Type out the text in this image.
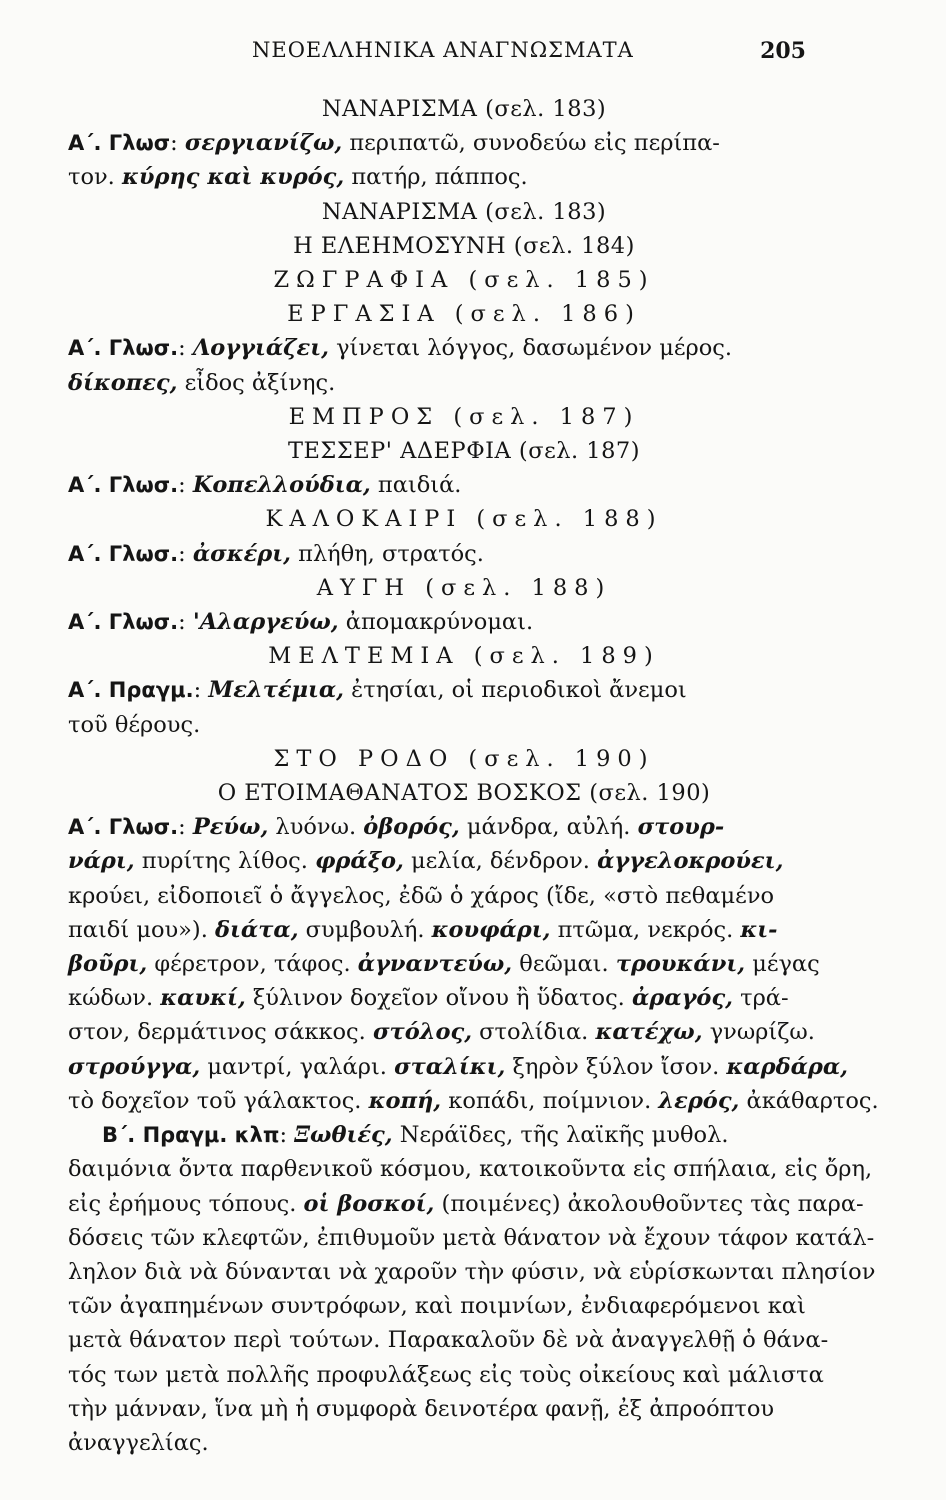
ΝΕΟΕΛΛΗΝΙΚΑ ΑΝΑΓΝΩΣΜΑΤΑ	205
ΝΑΝΑΡΙΣΜΑ (σελ. 183)
Α΄. Γλωσ: σεργιανίζω, περιπατῶ, συνοδεύω εἰς περίπα-
τον. κύρης καὶ κυρός, πατήρ, πάππος.
ΝΑΝΑΡΙΣΜΑ (σελ. 183)
Η ΕΛΕΗΜΟΣΥΝΗ (σελ. 184)
ΖΩΓΡΑΦΙΑ (σελ. 185)
ΕΡΓΑΣΙΑ (σελ. 186)
Α΄. Γλωσ.: Λογγιάζει, γίνεται λόγγος, δασωμένον μέρος.
δίκοπες, εἶδος ἀξίνης.
ΕΜΠΡΟΣ (σελ. 187)
ΤΕΣΣΕΡ' ΑΔΕΡΦΙΑ (σελ. 187)
Α΄. Γλωσ.: Κοπελλούδια, παιδιά.
ΚΑΛΟΚΑΙΡΙ (σελ. 188)
Α΄. Γλωσ.: ἀσκέρι, πλήθη, στρατός.
ΑΥΓΗ (σελ. 188)
Α΄. Γλωσ.: 'Αλαργεύω, ἀπομακρύνομαι.
ΜΕΛΤΕΜΙΑ (σελ. 189)
Α΄. Πραγμ.: Μελτέμια, ἐτησίαι, οἱ περιοδικοὶ ἄνεμοι
τοῦ θέρους.
ΣΤΟ ΡΟΔΟ (σελ. 190)
Ο ΕΤΟΙΜΑΘΑΝΑΤΟΣ ΒΟΣΚΟΣ (σελ. 190)
Α΄. Γλωσ.: Ρεύω, λυόνω. ὀβορός, μάνδρα, αὐλή. στουρ-
νάρι, πυρίτης λίθος. φράξο, μελία, δένδρον. ἀγγελοκρούει,
κρούει, εἰδοποιεῖ ὁ ἄγγελος, ἐδῶ ὁ χάρος (ἴδε, «στὸ πεθαμένο
παιδί μου»). διάτα, συμβουλή. κουφάρι, πτῶμα, νεκρός. κι-
βοῦρι, φέρετρον, τάφος. ἀγναντεύω, θεῶμαι. τρουκάνι, μέγας
κώδων. καυκί, ξύλινον δοχεῖον οἴνου ἢ ὕδατος. ἀραγός, τρά-
στον, δερμάτινος σάκκος. στόλος, στολίδια. κατέχω, γνωρίζω.
στρούγγα, μαντρί, γαλάρι. σταλίκι, ξηρὸν ξύλον ἴσον. καρδάρα,
τὸ δοχεῖον τοῦ γάλακτος. κοπή, κοπάδι, ποίμνιον. λερός, ἀκάθαρτος.
Β΄. Πραγμ. κλπ: Ξωθιές, Νεράϊδες, τῆς λαϊκῆς μυθολ.
δαιμόνια ὄντα παρθενικοῦ κόσμου, κατοικοῦντα εἰς σπήλαια, εἰς ὄρη,
εἰς ἐρήμους τόπους. οἱ βοσκοί, (ποιμένες) ἀκολουθοῦντες τὰς παρα-
δόσεις τῶν κλεφτῶν, ἐπιθυμοῦν μετὰ θάνατον νὰ ἔχουν τάφον κατάλ-
ληλον διὰ νὰ δύνανται νὰ χαροῦν τὴν φύσιν, νὰ εὑρίσκωνται πλησίον
τῶν ἀγαπημένων συντρόφων, καὶ ποιμνίων, ἐνδιαφερόμενοι καὶ
μετὰ θάνατον περὶ τούτων. Παρακαλοῦν δὲ νὰ ἀναγγελθῇ ὁ θάνα-
τός των μετὰ πολλῆς προφυλάξεως εἰς τοὺς οἰκείους καὶ μάλιστα
τὴν μάνναν, ἵνα μὴ ἡ συμφορὰ δεινοτέρα φανῇ, ἐξ ἀπροόπτου
ἀναγγελίας.
